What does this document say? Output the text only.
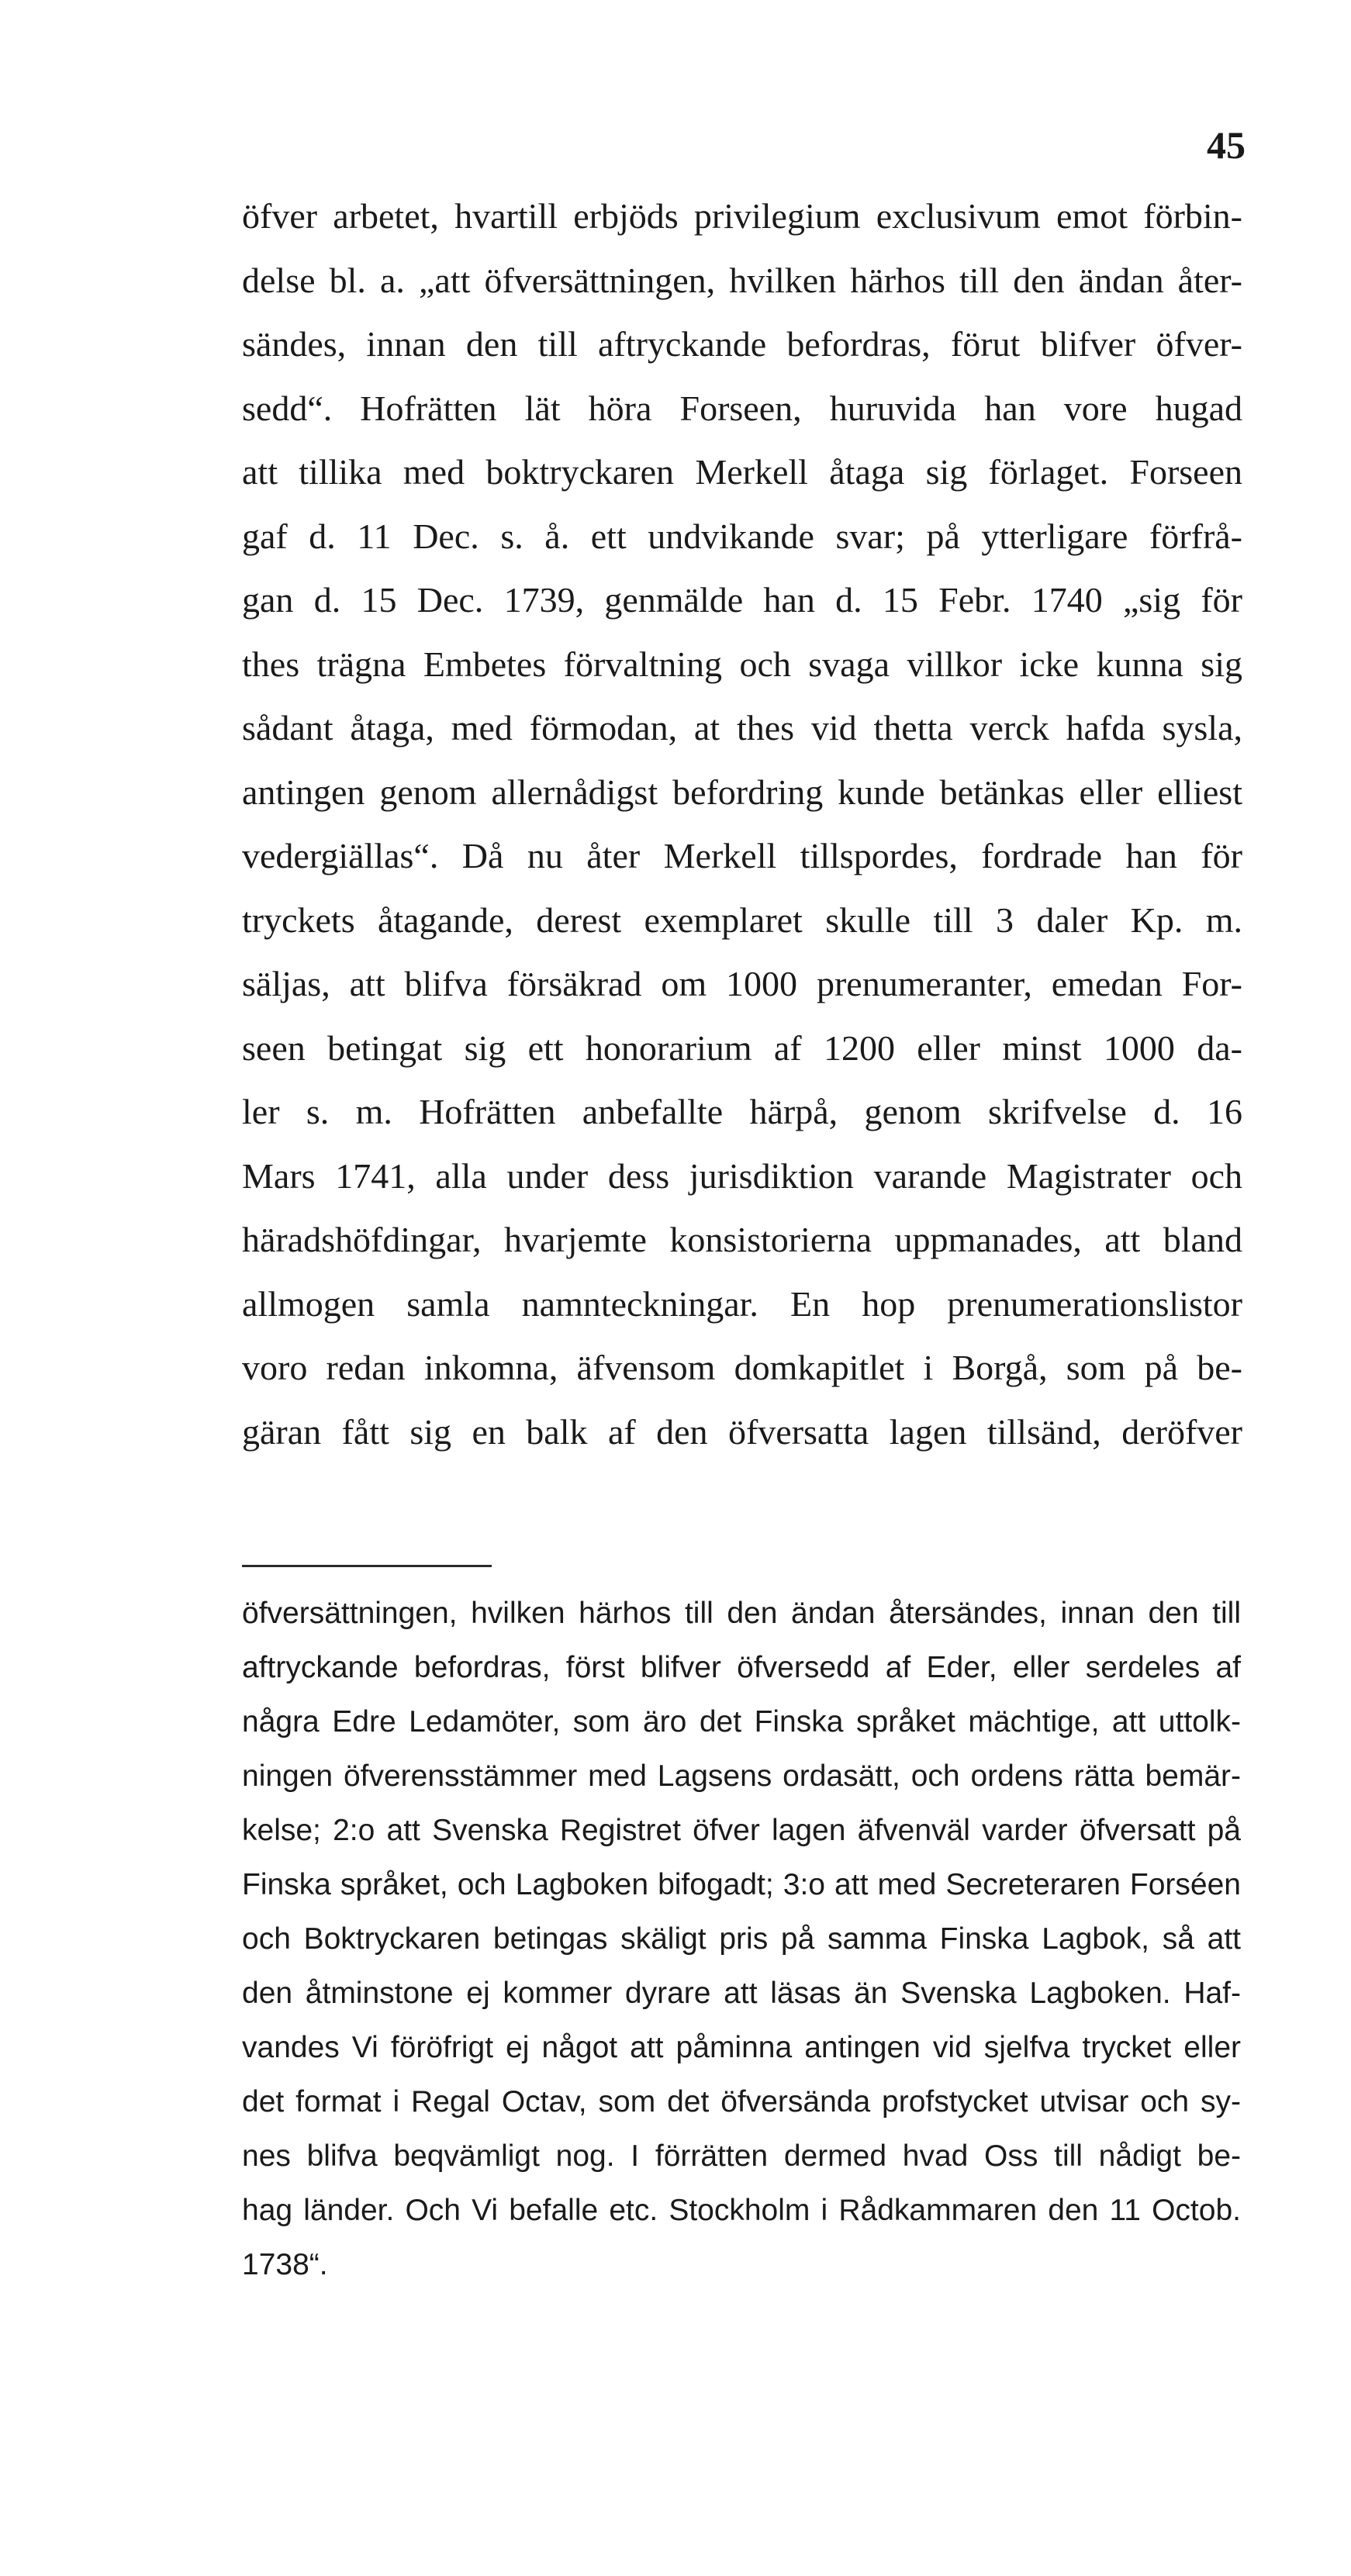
45
öfver arbetet, hvartill erbjöds privilegium exclusivum emot förbin-
delse bl. a. „att öfversättningen, hvilken härhos till den ändan åter-
sändes, innan den till aftryckande befordras, förut blifver öfver-
sedd“. Hofrätten lät höra Forseen, huruvida han vore hugad
att tillika med boktryckaren Merkell åtaga sig förlaget. Forseen
gaf d. 11 Dec. s. å. ett undvikande svar; på ytterligare förfrå-
gan d. 15 Dec. 1739, genmälde han d. 15 Febr. 1740 „sig för
thes trägna Embetes förvaltning och svaga villkor icke kunna sig
sådant åtaga, med förmodan, at thes vid thetta verck hafda sysla,
antingen genom allernådigst befordring kunde betänkas eller elliest
vedergiällas“. Då nu åter Merkell tillspordes, fordrade han för
tryckets åtagande, derest exemplaret skulle till 3 daler Kp. m.
säljas, att blifva försäkrad om 1000 prenumeranter, emedan For-
seen betingat sig ett honorarium af 1200 eller minst 1000 da-
ler s. m. Hofrätten anbefallte härpå, genom skrifvelse d. 16
Mars 1741, alla under dess jurisdiktion varande Magistrater och
häradshöfdingar, hvarjemte konsistorierna uppmanades, att bland
allmogen samla namnteckningar. En hop prenumerationslistor
voro redan inkomna, äfvensom domkapitlet i Borgå, som på be-
gäran fått sig en balk af den öfversatta lagen tillsänd, deröfver
öfversättningen, hvilken härhos till den ändan återsändes, innan den till
aftryckande befordras, först blifver öfversedd af Eder, eller serdeles af
några Edre Ledamöter, som äro det Finska språket mächtige, att uttolk-
ningen öfverensstämmer med Lagsens ordasätt, och ordens rätta bemär-
kelse; 2:o att Svenska Registret öfver lagen äfvenväl varder öfversatt på
Finska språket, och Lagboken bifogadt; 3:o att med Secreteraren Forséen
och Boktryckaren betingas skäligt pris på samma Finska Lagbok, så att
den åtminstone ej kommer dyrare att läsas än Svenska Lagboken. Haf-
vandes Vi föröfrigt ej något att påminna antingen vid sjelfva trycket eller
det format i Regal Octav, som det öfversända profstycket utvisar och sy-
nes blifva beqvämligt nog. I förrätten dermed hvad Oss till nådigt be-
hag länder. Och Vi befalle etc. Stockholm i Rådkammaren den 11 Octob.
1738“.
